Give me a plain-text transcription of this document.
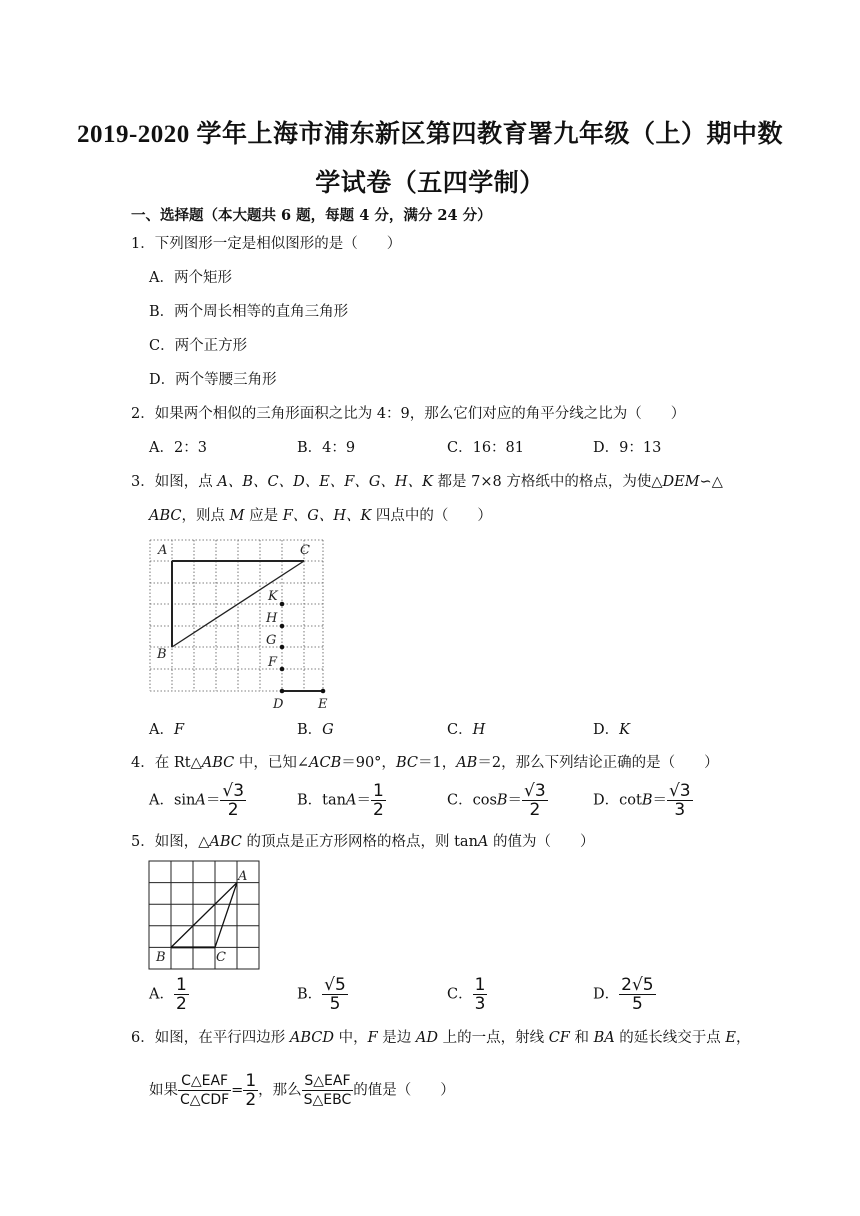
2019-2020 学年上海市浦东新区第四教育署九年级（上）期中数
学试卷（五四学制）
一、选择题（本大题共 6 题，每题 4 分，满分 24 分）
1．下列图形一定是相似图形的是（　　）
A．两个矩形
B．两个周长相等的直角三角形
C．两个正方形
D．两个等腰三角形
2．如果两个相似的三角形面积之比为 4：9，那么它们对应的角平分线之比为（　　）
A．2：3	B．4：9	C．16：81	D．9：13
3．如图，点 A、B、C、D、E、F、G、H、K 都是 7×8 方格纸中的格点，为使△DEM∽△
ABC，则点 M 应是 F、G、H、K 四点中的（　　）
A	C
B
K
H
G
F
D	E
A．F	B．G	C．H	D．K
4．在 Rt△ABC 中，已知∠ACB＝90°，BC＝1，AB＝2，那么下列结论正确的是（　　）
A．$\sin A= \frac{√3}{2}$	B．$\tan A= \frac{1}{2}$	C．$\cos B= \frac{√3}{2}$	D．$\cot B= \frac{√3}{3}$
5．如图，△ABC 的顶点是正方形网格的格点，则 tanA 的值为（　　）
A
B	C
A． $\frac{1}{2}$	B． $\frac{√5}{5}$	C． $\frac{1}{3}$	D． $\frac{2√5}{5}$
6．如图，在平行四边形 ABCD 中，F 是边 AD 上的一点，射线 CF 和 BA 的延长线交于点 E，
如果 $\frac{\text{C△EAF}}{\text{C△CDF}} = \frac{1}{2}$ ，那么 $\frac{\text{S△EAF}}{\text{S△EBC}}$ 的值是（　　）
